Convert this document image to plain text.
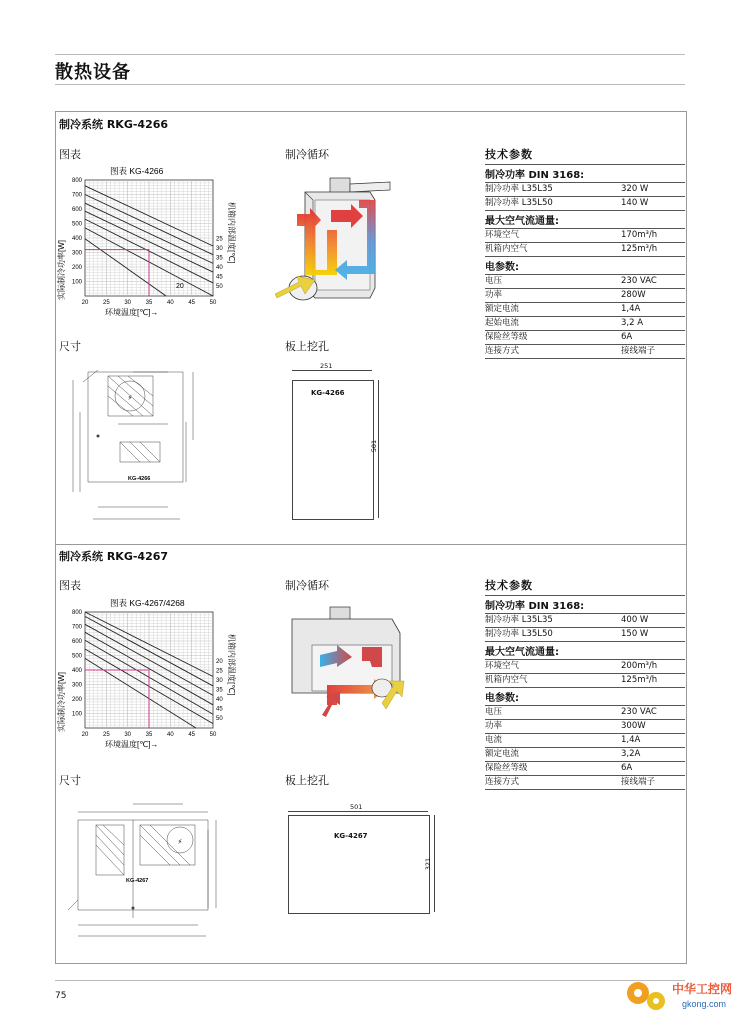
散热设备
制冷系统 RKG-4266
图表	制冷循环
尺寸	板上挖孔
图表 KG-4266
20 25 30 35 40 45 50
100
200
300
400
500
600
700
800
25
30
35
40
45
50
环境温度[℃]→
实际制冷功率[W]
机箱内部温度[℃]
20
技术参数
制冷功率 DIN 3168:
制冷功率 L35L35	320 W
制冷功率 L35L50	140 W
最大空气流通量:
环境空气	170m³/h
机箱内空气	125m³/h
电参数:
电压	230 VAC
功率	280W
额定电流	1,4A
起始电流	3,2 A
保险丝等级	6A
连接方式	接线端子
⚡
KG-4266
KG-4266
251
501
制冷系统 RKG-4267
图表	制冷循环
尺寸	板上挖孔
图表 KG-4267/4268
20 25 30 35 40 45 50
100
200
300
400
500
600
700
800
20
25
30
35
40
45
50
环境温度[℃]→
实际制冷功率[W]
机箱内部温度[℃]
技术参数
制冷功率 DIN 3168:
制冷功率 L35L35	400 W
制冷功率 L35L50	150 W
最大空气流通量:
环境空气	200m³/h
机箱内空气	125m³/h
电参数:
电压	230 VAC
功率	300W
电流	1,4A
额定电流	3,2A
保险丝等级	6A
连接方式	接线端子
⚡
KG-4267
KG-4267
501
321
75	中华工控网
gkong.com
